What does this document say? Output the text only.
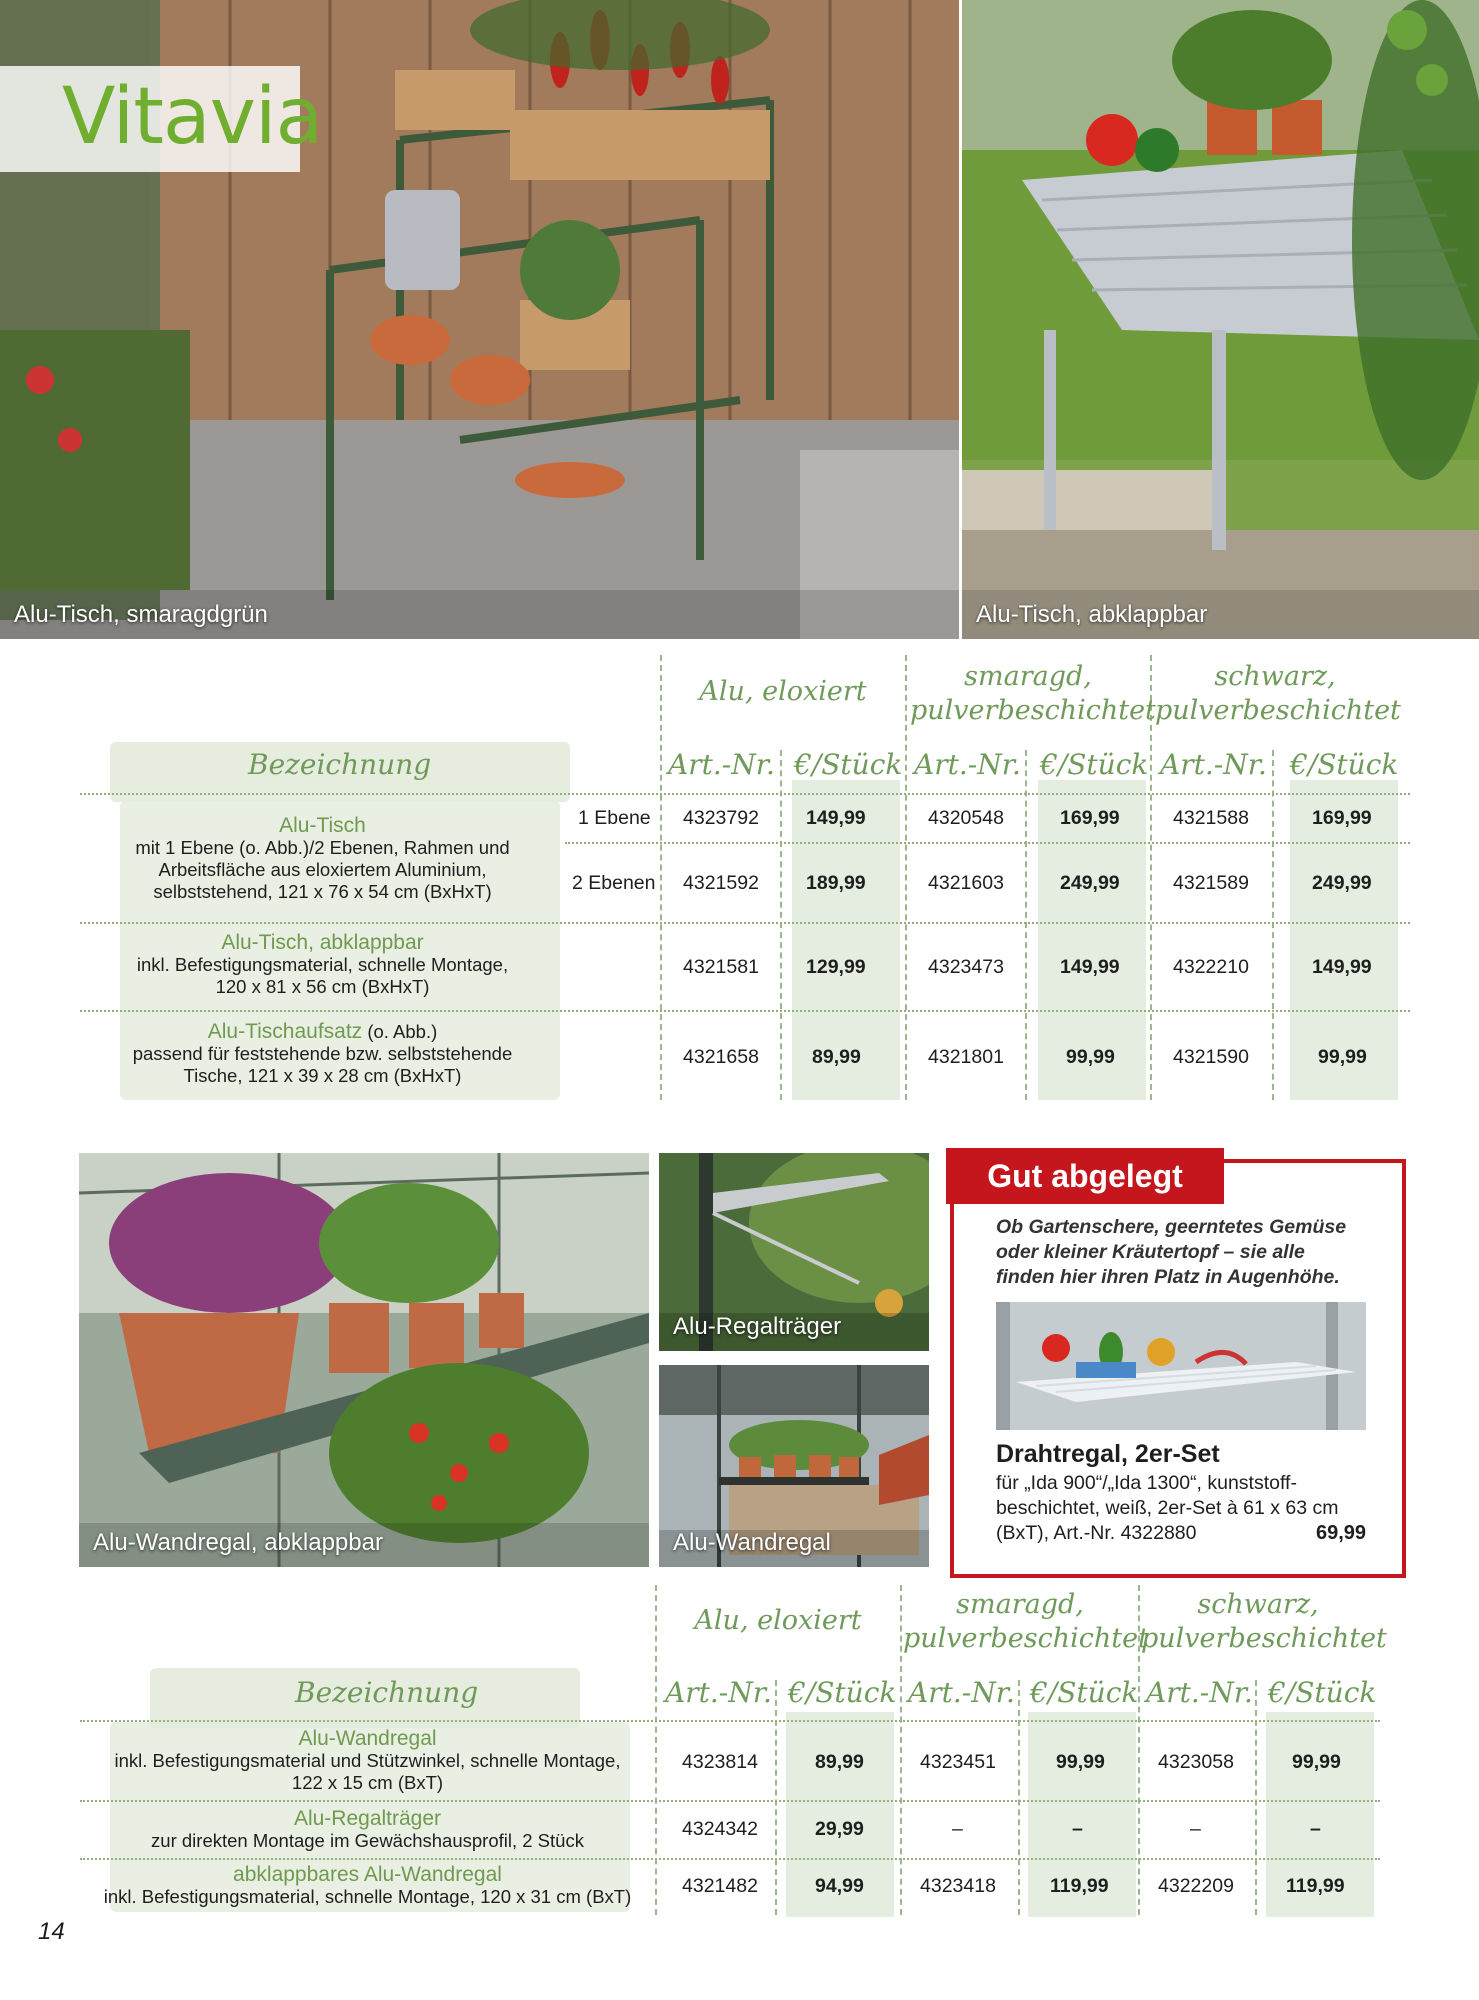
Vitavia
Alu-Tisch, smaragdgrün	Alu-Tisch, abklappbar
Alu, eloxiert	smaragd, pulverbeschichtet
schwarz, pulverbeschichtet
Bezeichnung	Art.-Nr. €/Stück Art.-Nr. €/Stück Art.-Nr. €/Stück
Alu-Tisch
mit 1 Ebene (o. Abb.)/2 Ebenen, Rahmen und
Arbeitsfläche aus eloxiertem Aluminium,
selbststehend, 121 x 76 x 54 cm (BxHxT)
1 Ebene 4323792 149,99	4320548	169,99	4321588	169,99
2 Ebenen 4321592 189,99	4321603	249,99	4321589	249,99
Alu-Tisch, abklappbar
inkl. Befestigungsmaterial, schnelle Montage,
120 x 81 x 56 cm (BxHxT)
4321581 129,99	4323473	149,99	4322210	149,99
Alu-Tischaufsatz (o. Abb.)
passend für feststehende bzw. selbststehende
Tische, 121 x 39 x 28 cm (BxHxT)
4321658	89,99	4321801	99,99	4321590	99,99
Alu-Wandregal, abklappbar
Alu-Regalträger
Alu-Wandregal
Gut abgelegt
Ob Gartenschere, geerntetes Gemüse
oder kleiner Kräutertopf – sie alle
finden hier ihren Platz in Augenhöhe.
Drahtregal, 2er-Set
für „Ida 900“/„Ida 1300“, kunststoff-
beschichtet, weiß, 2er-Set à 61 x 63 cm
(BxT), Art.-Nr. 4322880	69,99
Alu, eloxiert
smaragd, pulverbeschichtet
schwarz, pulverbeschichtet
Bezeichnung	Art.-Nr. €/Stück Art.-Nr. €/Stück Art.-Nr. €/Stück
Alu-Wandregal
inkl. Befestigungsmaterial und Stützwinkel, schnelle Montage,
122 x 15 cm (BxT)
4323814	89,99	4323451	99,99	4323058	99,99
Alu-Regalträger
zur direkten Montage im Gewächshausprofil, 2 Stück
4324342	29,99	–	–	–	–
abklappbares Alu-Wandregal
inkl. Befestigungsmaterial, schnelle Montage, 120 x 31 cm (BxT)	4321482	94,99	4323418	119,99	4322209	119,99
14
